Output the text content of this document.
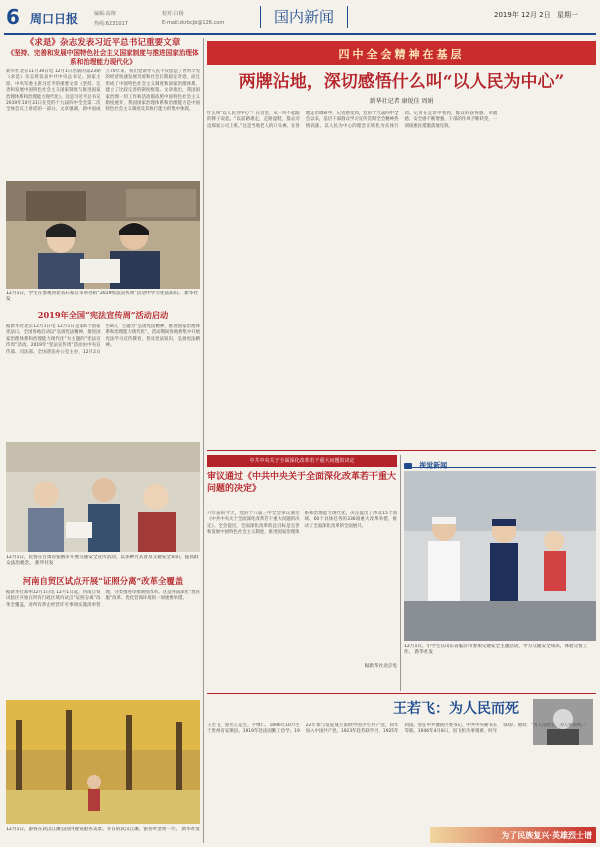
6 周口日报	编辑:高翔	校对:白杨
热线:6231017	E-mail:zkrbcjb@126.com	国内新闻	2019年 12月 2日 星期一
《求是》杂志发表习近平总书记重要文章
《坚持、完善和发展中国特色社会主义国家制度与推进国家治理体系和治理能力现代化》
新华社北京11月30日电 12月1日出版的第23期《求是》杂志将发表中共中央总书记、国家主席、中央军委主席习近平的重要文章《坚持、完善和发展中国特色社会主义国家制度与推进国家治理体系和治理能力现代化》。这是习近平总书记2019年10月31日在党的十九届四中全会第二次全体会议上讲话的一部分。文章强调，新中国成立70年来，我们党领导人民不仅创造了世所罕见的经济快速发展奇迹和社会长期稳定奇迹，而且形成了中国特色社会主义制度和国家治理体系，建立了比较完善的制度框架。文章指出，我国国家治理一切工作和活动都依照中国特色社会主义制度展开，我国国家治理体系和治理能力是中国特色社会主义制度及其执行能力的集中体现。
12月1日，学生在参观河北省石家庄市举办的“2019宪法宣传周”活动中学习宪法知识。 新华社发
2019年全国“宪法宣传周”活动启动
据新华社北京12月1日电 12月1日是第6个国家宪法日，全国各地启动以“弘扬宪法精神，推进国家治理体系和治理能力现代化”为主题的“宪法宣传周”活动。2019年“宪法宣传周”活动由中央宣传部、司法部、全国普法办公室主办，12月2日至8日，主题为“弘扬宪法精神，推进国家治理体系和治理能力现代化”。活动期间各地将集中开展宪法学习宣传教育，普及宪法知识，弘扬宪法精神。
12月1日，民警在甘肃省张掖市开展交通安全宣传活动，以多种方式普及交通安全知识，提高群众法治观念。 新华社发
河南自贸区试点开展“证照分离”改革全覆盖
据新华社郑州12月1日电 12月1日起，河南自贸试验区开始在所有行政区域内试点“证照分离”改革全覆盖，对所有涉企经营许可事项实施清单管理，分类推进审批制度改革。这是河南深化“放管服”改革、优化营商环境的一项重要举措。
12月1日，游客在武汉江滩公园内观赏银杏美景。冬日的武汉江滩，银杏叶金黄一片。 新华社发
四中全会精神在基层
两牌沾地，深切感悟什么叫“以人民为中心”
新华社记者 康锐佳 周娟
什么叫“以人民为中心”？在这里，从一块不起眼的牌子说起。“以前路难走，走路湿鞋，都去旁边那家公司上班。”这是当地老人的口头禅。在各地走访调研中，记者感受到，党的十九届四中全会以来，基层干部群众学习宣传贯彻全会精神热情高涨，以人民为中心的理念正转化为具体行动。记者在走访中看到，群众的获得感、幸福感、安全感不断增强，干部的作风不断转变，一项项惠民措施落地见效。
中共中央关于全面深化改革若干重大问题的决定
审议通过《中共中央关于全面深化改革若干重大问题的决定》
六年前的今天，党的十八届三中全会审议通过《中共中央关于全面深化改革若干重大问题的决定》。全会提出，全面深化改革的总目标是完善和发展中国特色社会主义制度，推进国家治理体系和治理能力现代化。决定提出了涉及15个领域、60个具体任务的336项重大改革举措，推动了全面深化改革的全面展开。
据新华社北京电
视觉新闻
12月1日，小学生在山东省临沂市参加交通安全主题活动，学习交通安全知识，体验交警工作。 新华社发
王若飞：为人民而死
王若飞，原名王运生，字继仁，1896年10月生于贵州省安顺县。1919年赴法国勤工俭学。1922年参与发起成立旅欧中国少年共产党，同年加入中国共产党。1923年赴苏联学习，1925年回国。曾任中共豫陕区委书记、中共中央秘书长等职。1946年4月8日，因飞机失事遇难，时年50岁。他说：“为人民而生，为人民而死。”
为了民族复兴·英雄烈士谱
